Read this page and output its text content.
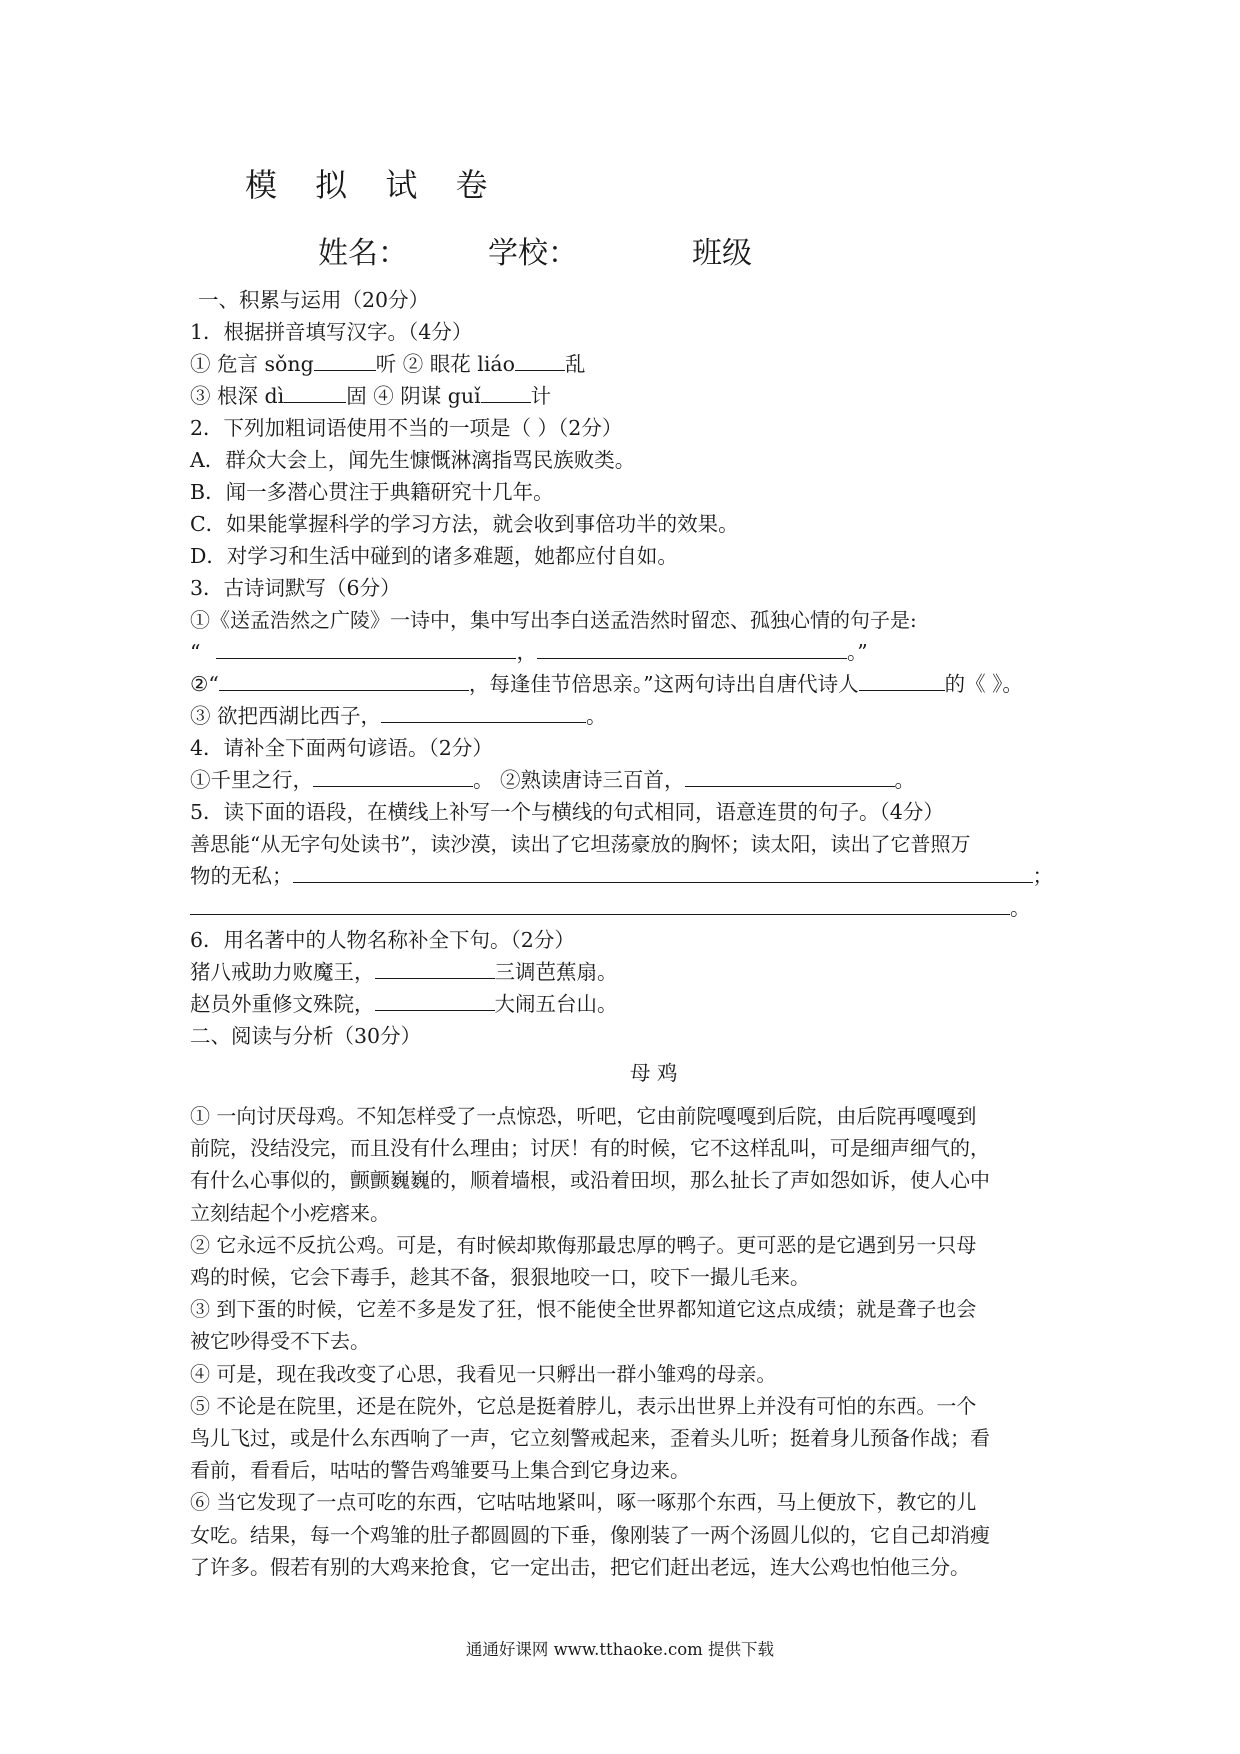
模 拟 试 卷
姓名：	学校：	班级
一、积累与运用（20分）
1．根据拼音填写汉字。（4分）
① 危言 sǒng	听 ② 眼花 liáo 乱
③ 根深 dì	固 ④ 阴谋 guǐ 计
2．下列加粗词语使用不当的一项是（ ）（2分）
A．群众大会上，闻先生慷慨淋漓指骂民族败类。
B．闻一多潜心贯注于典籍研究十几年。
C．如果能掌握科学的学习方法，就会收到事倍功半的效果。
D．对学习和生活中碰到的诸多难题，她都应付自如。
3．古诗词默写（6分）
①《送孟浩然之广陵》一诗中，集中写出李白送孟浩然时留恋、孤独心情的句子是:
“	，	。”
②“	，每逢佳节倍思亲。”这两句诗出自唐代诗人	的《 》。
③ 欲把西湖比西子，	。
4．请补全下面两句谚语。（2分）
①千里之行，	。 ②熟读唐诗三百首，	。
5．读下面的语段，在横线上补写一个与横线的句式相同，语意连贯的句子。（4分）
善思能“从无字句处读书”，读沙漠，读出了它坦荡豪放的胸怀；读太阳，读出了它普照万
物的无私；	；
。
6．用名著中的人物名称补全下句。（2分）
猪八戒助力败魔王，	三调芭蕉扇。
赵员外重修文殊院，	大闹五台山。
二、阅读与分析（30分）
母 鸡
① 一向讨厌母鸡。不知怎样受了一点惊恐，听吧，它由前院嘎嘎到后院，由后院再嘎嘎到
前院，没结没完，而且没有什么理由；讨厌！有的时候，它不这样乱叫，可是细声细气的，
有什么心事似的，颤颤巍巍的，顺着墙根，或沿着田坝，那么扯长了声如怨如诉，使人心中
立刻结起个小疙瘩来。
② 它永远不反抗公鸡。可是，有时候却欺侮那最忠厚的鸭子。更可恶的是它遇到另一只母
鸡的时候，它会下毒手，趁其不备，狠狠地咬一口，咬下一撮儿毛来。
③ 到下蛋的时候，它差不多是发了狂，恨不能使全世界都知道它这点成绩；就是聋子也会
被它吵得受不下去。
④ 可是，现在我改变了心思，我看见一只孵出一群小雏鸡的母亲。
⑤ 不论是在院里，还是在院外，它总是挺着脖儿，表示出世界上并没有可怕的东西。一个
鸟儿飞过，或是什么东西响了一声，它立刻警戒起来，歪着头儿听；挺着身儿预备作战；看
看前，看看后，咕咕的警告鸡雏要马上集合到它身边来。
⑥ 当它发现了一点可吃的东西，它咕咕地紧叫，啄一啄那个东西，马上便放下，教它的儿
女吃。结果，每一个鸡雏的肚子都圆圆的下垂，像刚装了一两个汤圆儿似的，它自己却消瘦
了许多。假若有别的大鸡来抢食，它一定出击，把它们赶出老远，连大公鸡也怕他三分。
通通好课网 www.tthaoke.com 提供下载
